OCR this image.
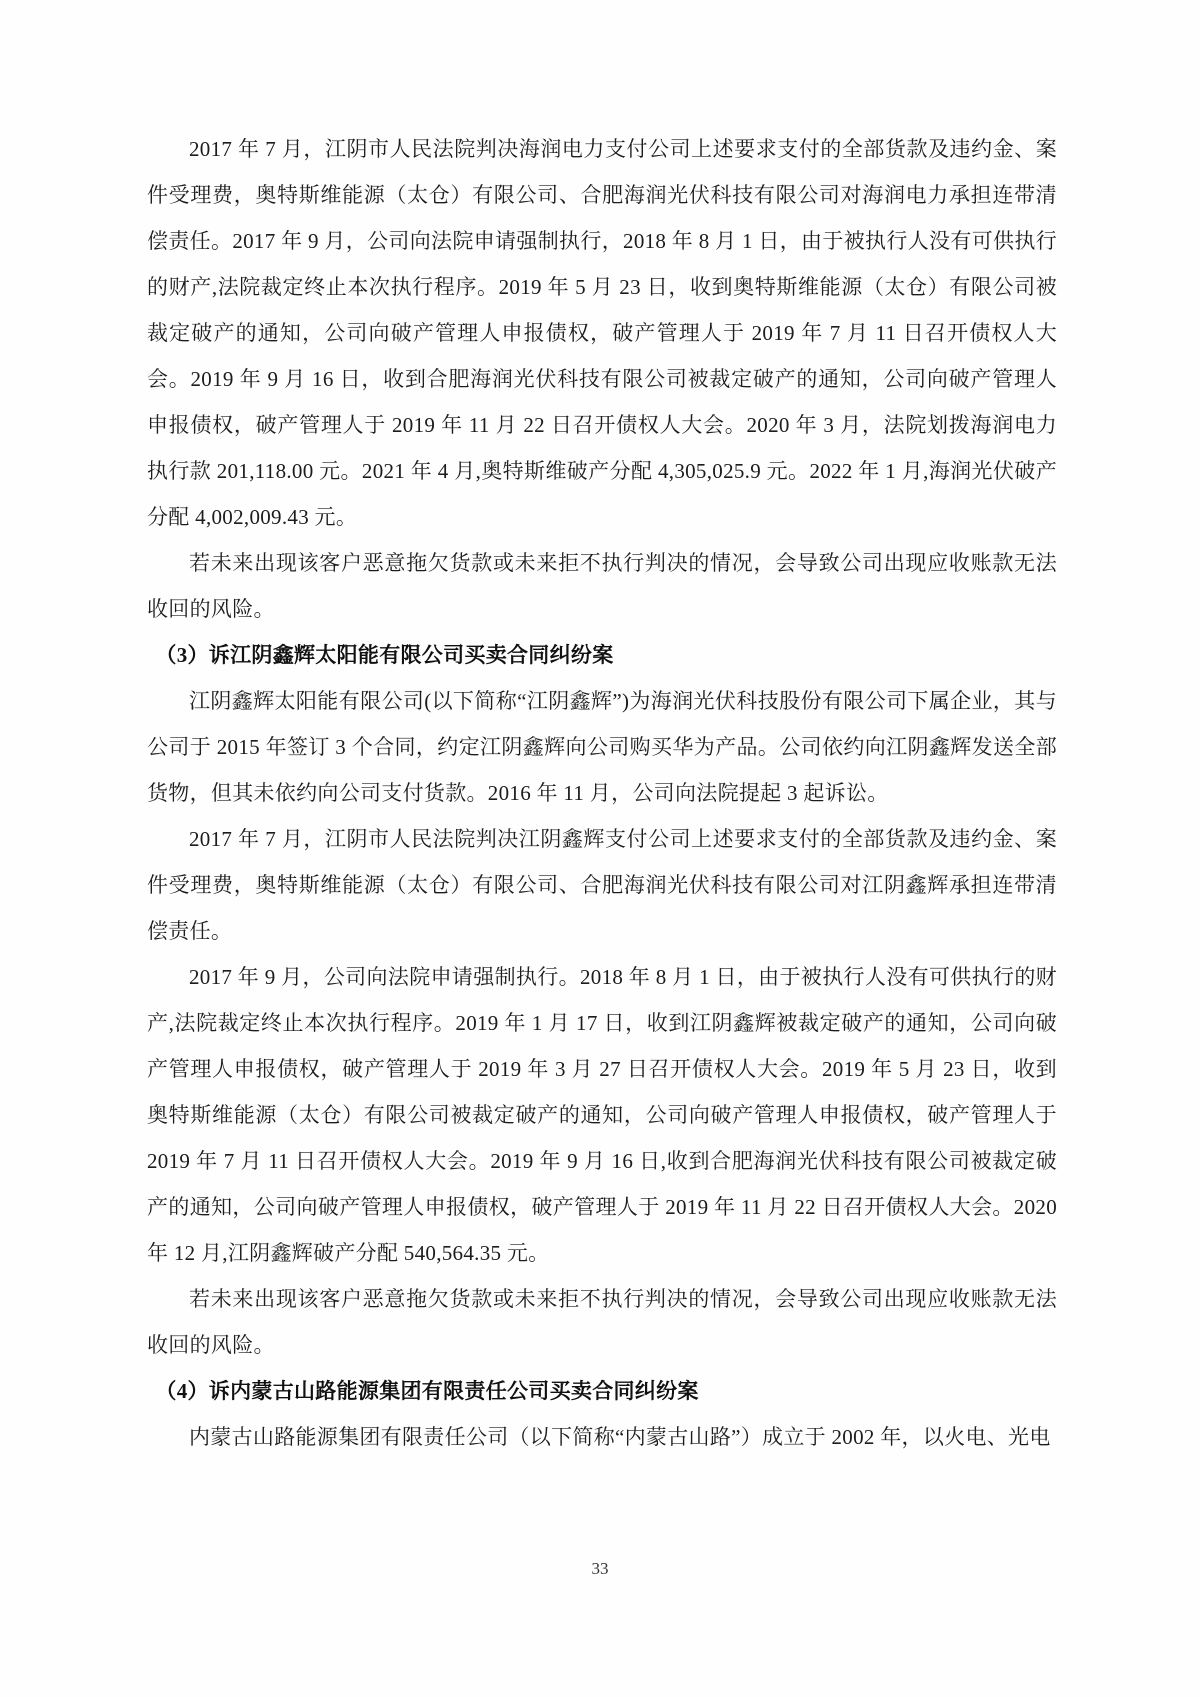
2017 年 7 月，江阴市人民法院判决海润电力支付公司上述要求支付的全部货款及违约金、案件受理费，奥特斯维能源（太仓）有限公司、合肥海润光伏科技有限公司对海润电力承担连带清偿责任。2017 年 9 月，公司向法院申请强制执行，2018 年 8 月 1 日，由于被执行人没有可供执行的财产,法院裁定终止本次执行程序。2019 年 5 月 23 日，收到奥特斯维能源（太仓）有限公司被裁定破产的通知，公司向破产管理人申报债权，破产管理人于 2019 年 7 月 11 日召开债权人大会。2019 年 9 月 16 日，收到合肥海润光伏科技有限公司被裁定破产的通知，公司向破产管理人申报债权，破产管理人于 2019 年 11 月 22 日召开债权人大会。2020 年 3 月，法院划拨海润电力执行款 201,118.00 元。2021 年 4 月,奥特斯维破产分配 4,305,025.9 元。2022 年 1 月,海润光伏破产分配 4,002,009.43 元。

若未来出现该客户恶意拖欠货款或未来拒不执行判决的情况，会导致公司出现应收账款无法收回的风险。

（3）诉江阴鑫辉太阳能有限公司买卖合同纠纷案

江阴鑫辉太阳能有限公司(以下简称“江阴鑫辉”)为海润光伏科技股份有限公司下属企业，其与公司于 2015 年签订 3 个合同，约定江阴鑫辉向公司购买华为产品。公司依约向江阴鑫辉发送全部货物，但其未依约向公司支付货款。2016 年 11 月，公司向法院提起 3 起诉讼。

2017 年 7 月，江阴市人民法院判决江阴鑫辉支付公司上述要求支付的全部货款及违约金、案件受理费，奥特斯维能源（太仓）有限公司、合肥海润光伏科技有限公司对江阴鑫辉承担连带清偿责任。

2017 年 9 月，公司向法院申请强制执行。2018 年 8 月 1 日，由于被执行人没有可供执行的财产,法院裁定终止本次执行程序。2019 年 1 月 17 日，收到江阴鑫辉被裁定破产的通知，公司向破产管理人申报债权，破产管理人于 2019 年 3 月 27 日召开债权人大会。2019 年 5 月 23 日，收到奥特斯维能源（太仓）有限公司被裁定破产的通知，公司向破产管理人申报债权，破产管理人于 2019 年 7 月 11 日召开债权人大会。2019 年 9 月 16 日,收到合肥海润光伏科技有限公司被裁定破产的通知，公司向破产管理人申报债权，破产管理人于 2019 年 11 月 22 日召开债权人大会。2020 年 12 月,江阴鑫辉破产分配 540,564.35 元。

若未来出现该客户恶意拖欠货款或未来拒不执行判决的情况，会导致公司出现应收账款无法收回的风险。

（4）诉内蒙古山路能源集团有限责任公司买卖合同纠纷案

内蒙古山路能源集团有限责任公司（以下简称“内蒙古山路”）成立于 2002 年，以火电、光电

33
